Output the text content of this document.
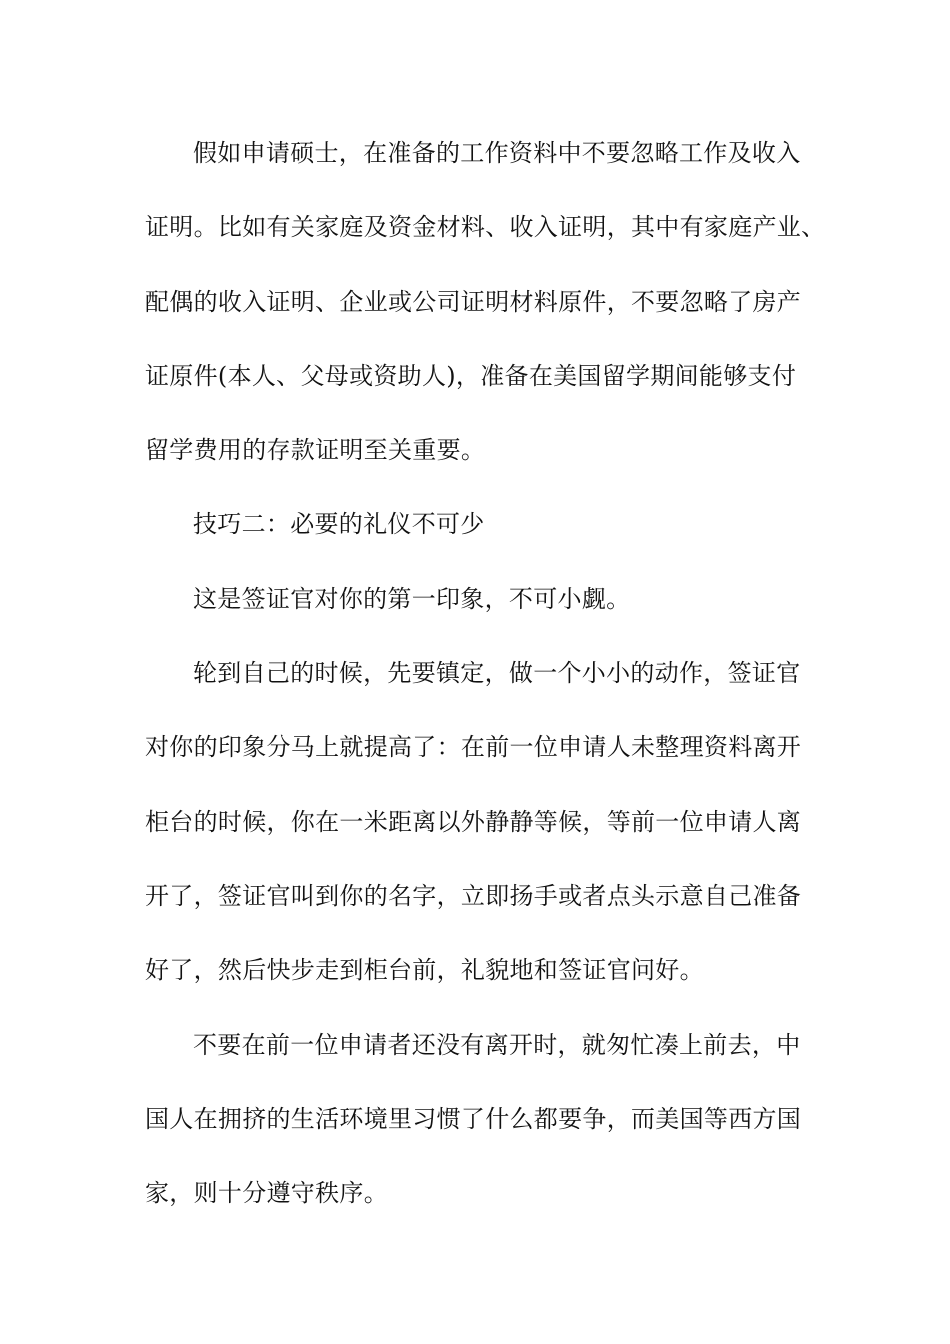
假如申请硕士，在准备的工作资料中不要忽略工作及收入

证明。比如有关家庭及资金材料、收入证明，其中有家庭产业、

配偶的收入证明、企业或公司证明材料原件，不要忽略了房产

证原件(本人、父母或资助人)，准备在美国留学期间能够支付

留学费用的存款证明至关重要。

技巧二：必要的礼仪不可少

这是签证官对你的第一印象，不可小觑。

轮到自己的时候，先要镇定，做一个小小的动作，签证官

对你的印象分马上就提高了：在前一位申请人未整理资料离开

柜台的时候，你在一米距离以外静静等候，等前一位申请人离

开了，签证官叫到你的名字，立即扬手或者点头示意自己准备

好了，然后快步走到柜台前，礼貌地和签证官问好。

不要在前一位申请者还没有离开时，就匆忙凑上前去，中

国人在拥挤的生活环境里习惯了什么都要争，而美国等西方国

家，则十分遵守秩序。
